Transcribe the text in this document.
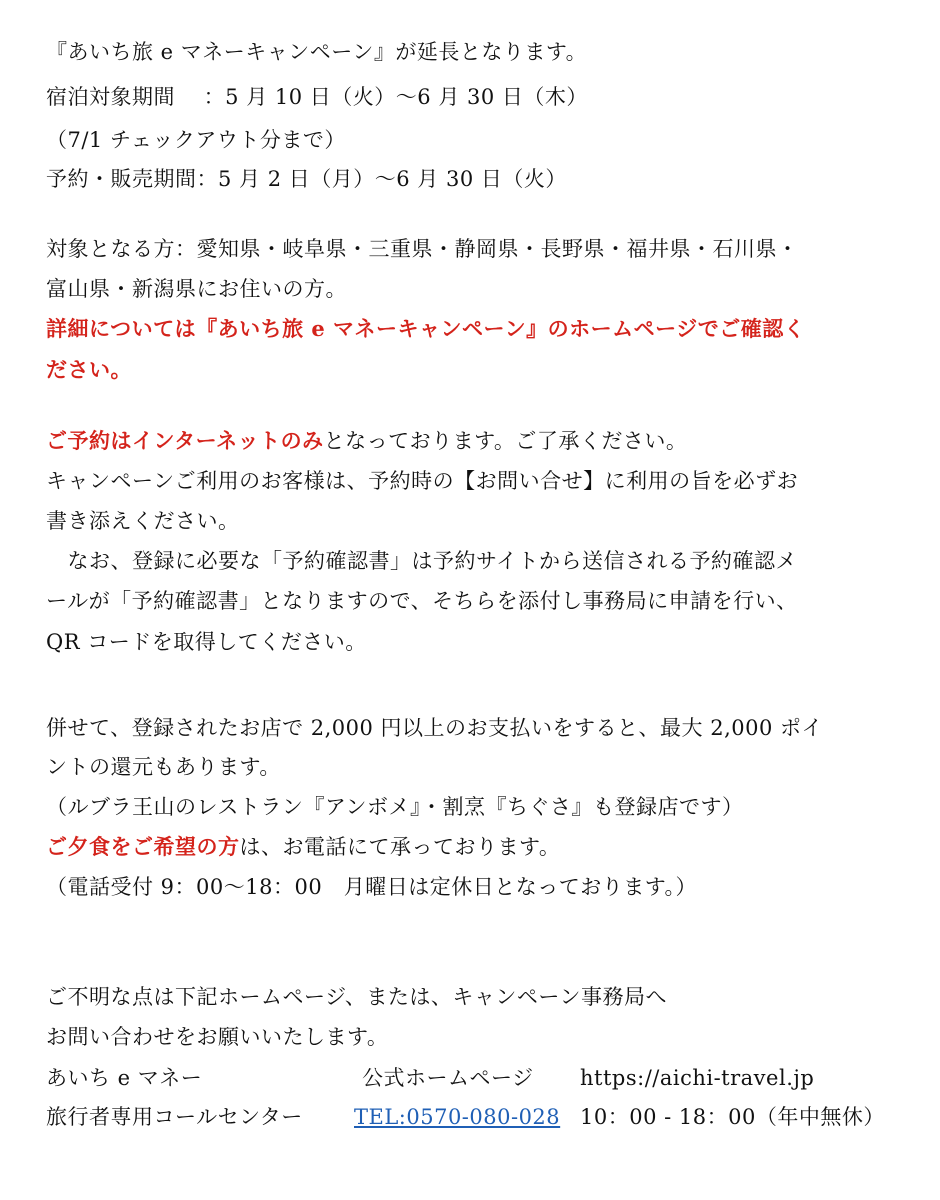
『あいち旅 e マネーキャンペーン』が延長となります。
宿泊対象期間　 ：5 月 10 日（火）～6 月 30 日（木）
（7/1 チェックアウト分まで）
予約・販売期間：5 月 2 日（月）～6 月 30 日（火）
対象となる方：愛知県・岐阜県・三重県・静岡県・長野県・福井県・石川県・
富山県・新潟県にお住いの方。
詳細については『あいち旅 e マネーキャンペーン』のホームページでご確認く
ださい。
ご予約はインターネットのみとなっております。ご了承ください。
キャンペーンご利用のお客様は、予約時の【お問い合せ】に利用の旨を必ずお
書き添えください。
　なお、登録に必要な「予約確認書」は予約サイトから送信される予約確認メ
ールが「予約確認書」となりますので、そちらを添付し事務局に申請を行い、
QR コードを取得してください。
併せて、登録されたお店で 2,000 円以上のお支払いをすると、最大 2,000 ポイ
ントの還元もあります。
（ルブラ王山のレストラン『アンボメ』・割烹『ちぐさ』も登録店です）
ご夕食をご希望の方は、お電話にて承っております。
（電話受付 9：00～18：00　月曜日は定休日となっております。）
ご不明な点は下記ホームページ、または、キャンペーン事務局へ
お問い合わせをお願いいたします。
あいち e マネー	公式ホームページ https://aichi-travel.jp
旅行者専用コールセンター TEL:0570-080-028 10：00 - 18：00（年中無休）
